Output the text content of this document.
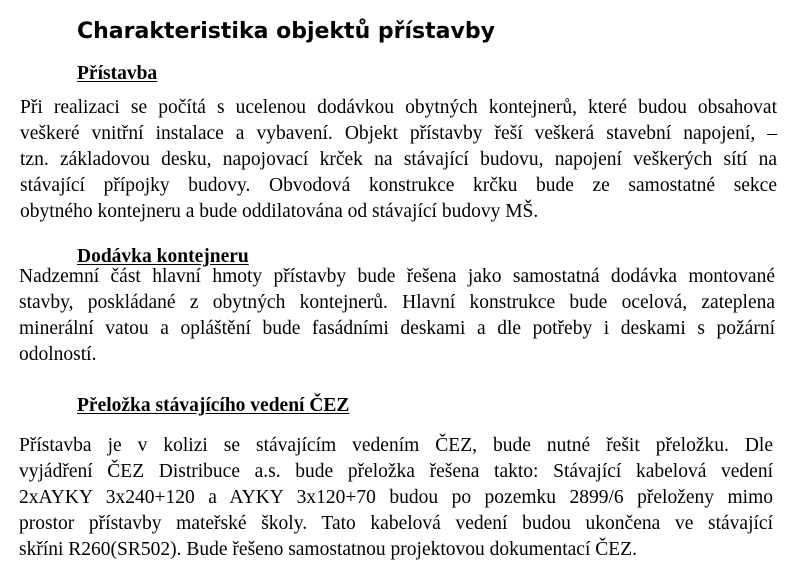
Charakteristika objektů přístavby
Přístavba
Při realizaci se počítá s ucelenou dodávkou obytných kontejnerů, které budou obsahovat
veškeré vnitřní instalace a vybavení. Objekt přístavby řeší veškerá stavební napojení, –
tzn. základovou desku, napojovací krček na stávající budovu, napojení veškerých sítí na
stávající přípojky budovy. Obvodová konstrukce krčku bude ze samostatné sekce
obytného kontejneru a bude oddilatována od stávající budovy MŠ.
Dodávka kontejneru
Nadzemní část hlavní hmoty přístavby bude řešena jako samostatná dodávka montované
stavby, poskládané z obytných kontejnerů. Hlavní konstrukce bude ocelová, zateplena
minerální vatou a opláštění bude fasádními deskami a dle potřeby i deskami s požární
odolností.
Přeložka stávajícího vedení ČEZ
Přístavba je v kolizi se stávajícím vedením ČEZ, bude nutné řešit přeložku. Dle
vyjádření ČEZ Distribuce a.s. bude přeložka řešena takto: Stávající kabelová vedení
2xAYKY 3x240+120 a AYKY 3x120+70 budou po pozemku 2899/6 přeloženy mimo
prostor přístavby mateřské školy. Tato kabelová vedení budou ukončena ve stávající
skříni R260(SR502). Bude řešeno samostatnou projektovou dokumentací ČEZ.
